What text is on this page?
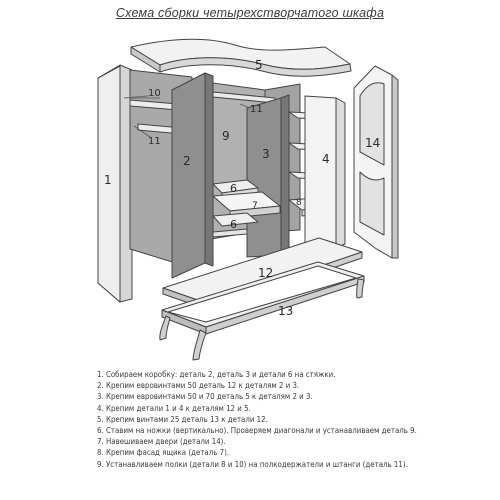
Схема сборки четырехстворчатого шкафа
1
2	3	4
5
6
6
7	8
9
10
11
11
12
13
14
1. Собираем коробку: деталь 2, деталь 3 и детали 6 на стяжки.
2. Крепим евровинтами 50 деталь 12 к деталям 2 и 3.
3. Крепим евровинтами 50 и 70 деталь 5 к деталям 2 и 3.
4. Крепим детали 1 и 4 к деталям 12 и 5.
5. Крепим винтами 25 деталь 13 к детали 12.
6. Ставим на ножки (вертикально). Проверяем диагонали и устанавливаем деталь 9.
7. Навешиваем двери (детали 14).
8. Крепим фасад ящика (деталь 7).
9. Устанавливаем полки (детали 8 и 10) на полкодержатели и штанги (деталь 11).
